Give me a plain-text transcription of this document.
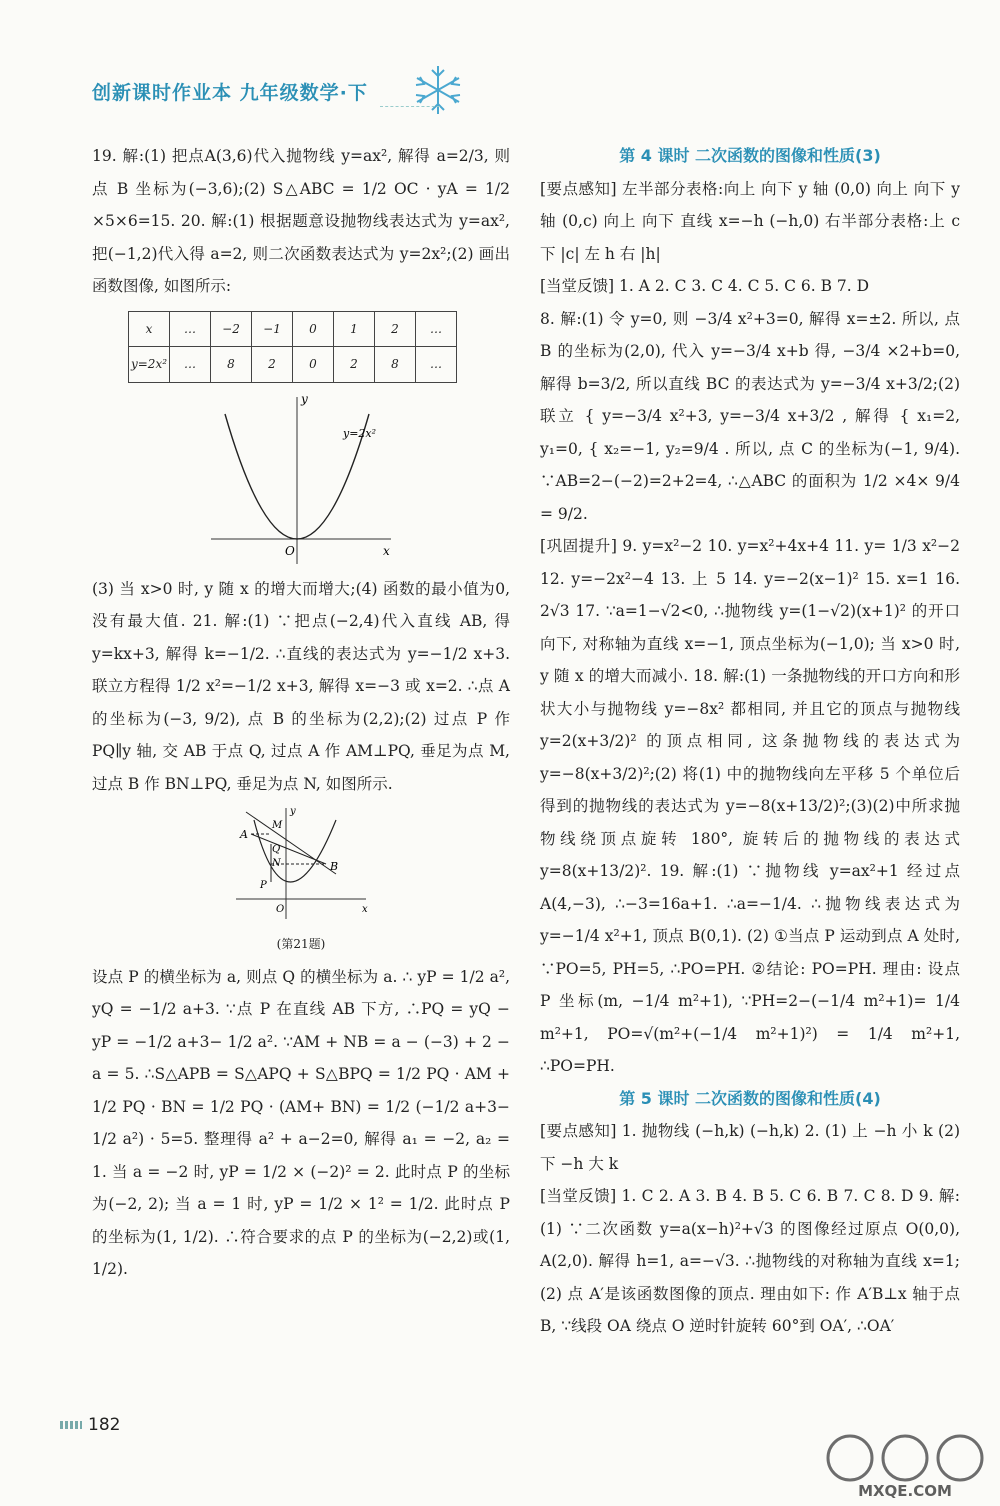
创新课时作业本 九年级数学·下

19. 解:(1) 把点A(3,6)代入抛物线 y=ax², 解得 a=2/3, 则点 B 坐标为(−3,6);(2) S△ABC = 1/2 OC · yA = 1/2 ×5×6=15. 20. 解:(1) 根据题意设抛物线表达式为 y=ax², 把(−1,2)代入得 a=2, 则二次函数表达式为 y=2x²;(2) 画出函数图像, 如图所示:

x	…	−2	−1	0	1	2	…
y=2x²	…	8	2	0	2	8	…
y
x
O
y=2x²

(3) 当 x>0 时, y 随 x 的增大而增大;(4) 函数的最小值为0, 没有最大值. 21. 解:(1) ∵把点(−2,4)代入直线 AB, 得 y=kx+3, 解得 k=−1/2. ∴直线的表达式为 y=−1/2 x+3. 联立方程得 1/2 x²=−1/2 x+3, 解得 x=−3 或 x=2. ∴点 A 的坐标为(−3, 9/2), 点 B 的坐标为(2,2);(2) 过点 P 作 PQ∥y 轴, 交 AB 于点 Q, 过点 A 作 AM⊥PQ, 垂足为点 M, 过点 B 作 BN⊥PQ, 垂足为点 N, 如图所示.

A
B
M
Q
N
P
O	x
y
(第21题)

设点 P 的横坐标为 a, 则点 Q 的横坐标为 a. ∴ yP = 1/2 a², yQ = −1/2 a+3. ∵点 P 在直线 AB 下方, ∴PQ = yQ − yP = −1/2 a+3− 1/2 a². ∵AM + NB = a − (−3) + 2 − a = 5. ∴S△APB = S△APQ + S△BPQ = 1/2 PQ · AM + 1/2 PQ · BN = 1/2 PQ · (AM+ BN) = 1/2 (−1/2 a+3− 1/2 a²) · 5=5. 整理得 a² + a−2=0, 解得 a₁ = −2, a₂ = 1. 当 a = −2 时, yP = 1/2 × (−2)² = 2. 此时点 P 的坐标为(−2, 2); 当 a = 1 时, yP = 1/2 × 1² = 1/2. 此时点 P 的坐标为(1, 1/2). ∴符合要求的点 P 的坐标为(−2,2)或(1, 1/2).

第 4 课时 二次函数的图像和性质(3)

[要点感知] 左半部分表格:向上 向下 y 轴 (0,0) 向上 向下 y 轴 (0,c) 向上 向下 直线 x=−h (−h,0) 右半部分表格:上 c 下 |c| 左 h 右 |h|

[当堂反馈] 1. A 2. C 3. C 4. C 5. C 6. B 7. D

8. 解:(1) 令 y=0, 则 −3/4 x²+3=0, 解得 x=±2. 所以, 点 B 的坐标为(2,0), 代入 y=−3/4 x+b 得, −3/4 ×2+b=0, 解得 b=3/2, 所以直线 BC 的表达式为 y=−3/4 x+3/2;(2) 联立 { y=−3/4 x²+3, y=−3/4 x+3/2 , 解得 { x₁=2, y₁=0, { x₂=−1, y₂=9/4 . 所以, 点 C 的坐标为(−1, 9/4). ∵AB=2−(−2)=2+2=4, ∴△ABC 的面积为 1/2 ×4× 9/4 = 9/2.

[巩固提升] 9. y=x²−2 10. y=x²+4x+4 11. y= 1/3 x²−2 12. y=−2x²−4 13. 上 5 14. y=−2(x−1)² 15. x=1 16. 2√3 17. ∵a=1−√2<0, ∴抛物线 y=(1−√2)(x+1)² 的开口向下, 对称轴为直线 x=−1, 顶点坐标为(−1,0); 当 x>0 时, y 随 x 的增大而减小. 18. 解:(1) 一条抛物线的开口方向和形状大小与抛物线 y=−8x² 都相同, 并且它的顶点与抛物线 y=2(x+3/2)² 的顶点相同, 这条抛物线的表达式为 y=−8(x+3/2)²;(2) 将(1) 中的抛物线向左平移 5 个单位后得到的抛物线的表达式为 y=−8(x+13/2)²;(3)(2)中所求抛物线绕顶点旋转 180°, 旋转后的抛物线的表达式 y=8(x+13/2)². 19. 解:(1) ∵抛物线 y=ax²+1 经过点 A(4,−3), ∴−3=16a+1. ∴a=−1/4. ∴抛物线表达式为 y=−1/4 x²+1, 顶点 B(0,1). (2) ①当点 P 运动到点 A 处时, ∵PO=5, PH=5, ∴PO=PH. ②结论: PO=PH. 理由: 设点 P 坐标(m, −1/4 m²+1), ∵PH=2−(−1/4 m²+1)= 1/4 m²+1, PO=√(m²+(−1/4 m²+1)²) = 1/4 m²+1, ∴PO=PH.

第 5 课时 二次函数的图像和性质(4)

[要点感知] 1. 抛物线 (−h,k) (−h,k) 2. (1) 上 −h 小 k (2) 下 −h 大 k

[当堂反馈] 1. C 2. A 3. B 4. B 5. C 6. B 7. C 8. D 9. 解:(1) ∵二次函数 y=a(x−h)²+√3 的图像经过原点 O(0,0), A(2,0). 解得 h=1, a=−√3. ∴抛物线的对称轴为直线 x=1;(2) 点 A′是该函数图像的顶点. 理由如下: 作 A′B⊥x 轴于点 B, ∵线段 OA 绕点 O 逆时针旋转 60°到 OA′, ∴OA′

182
MXQE.COM
